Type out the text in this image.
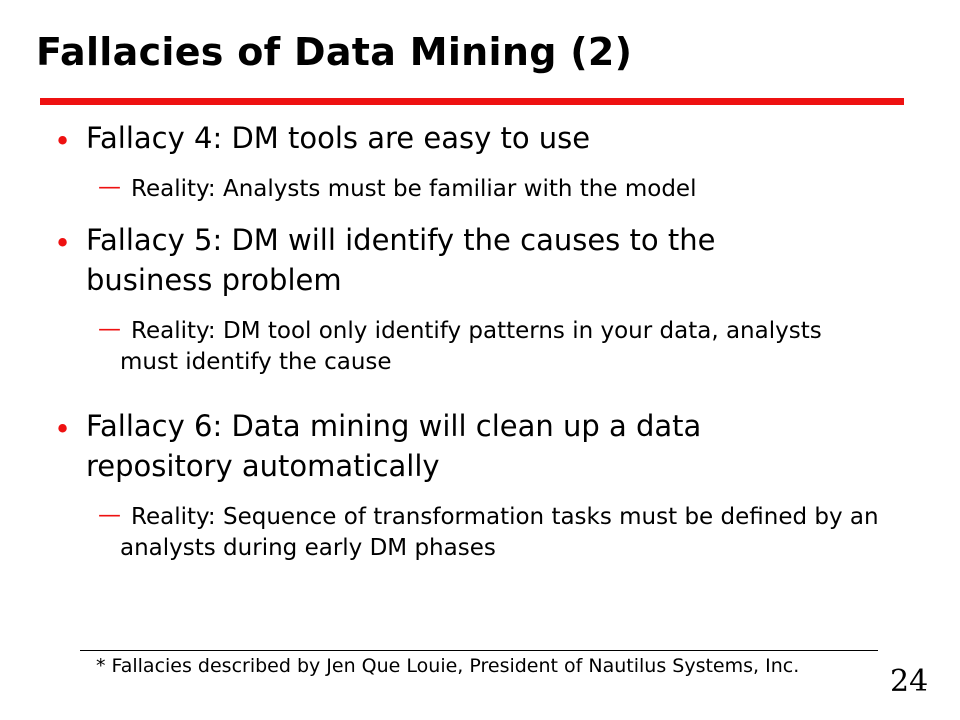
Fallacies of Data Mining (2)
• Fallacy 4: DM tools are easy to use
— Reality: Analysts must be familiar with the model
• Fallacy 5: DM will identify the causes to the business problem
— Reality: DM tool only identify patterns in your data, analysts must identify the cause
• Fallacy 6: Data mining will clean up a data repository automatically
— Reality: Sequence of transformation tasks must be defined by an analysts during early DM phases
* Fallacies described by Jen Que Louie, President of Nautilus Systems, Inc.	24
